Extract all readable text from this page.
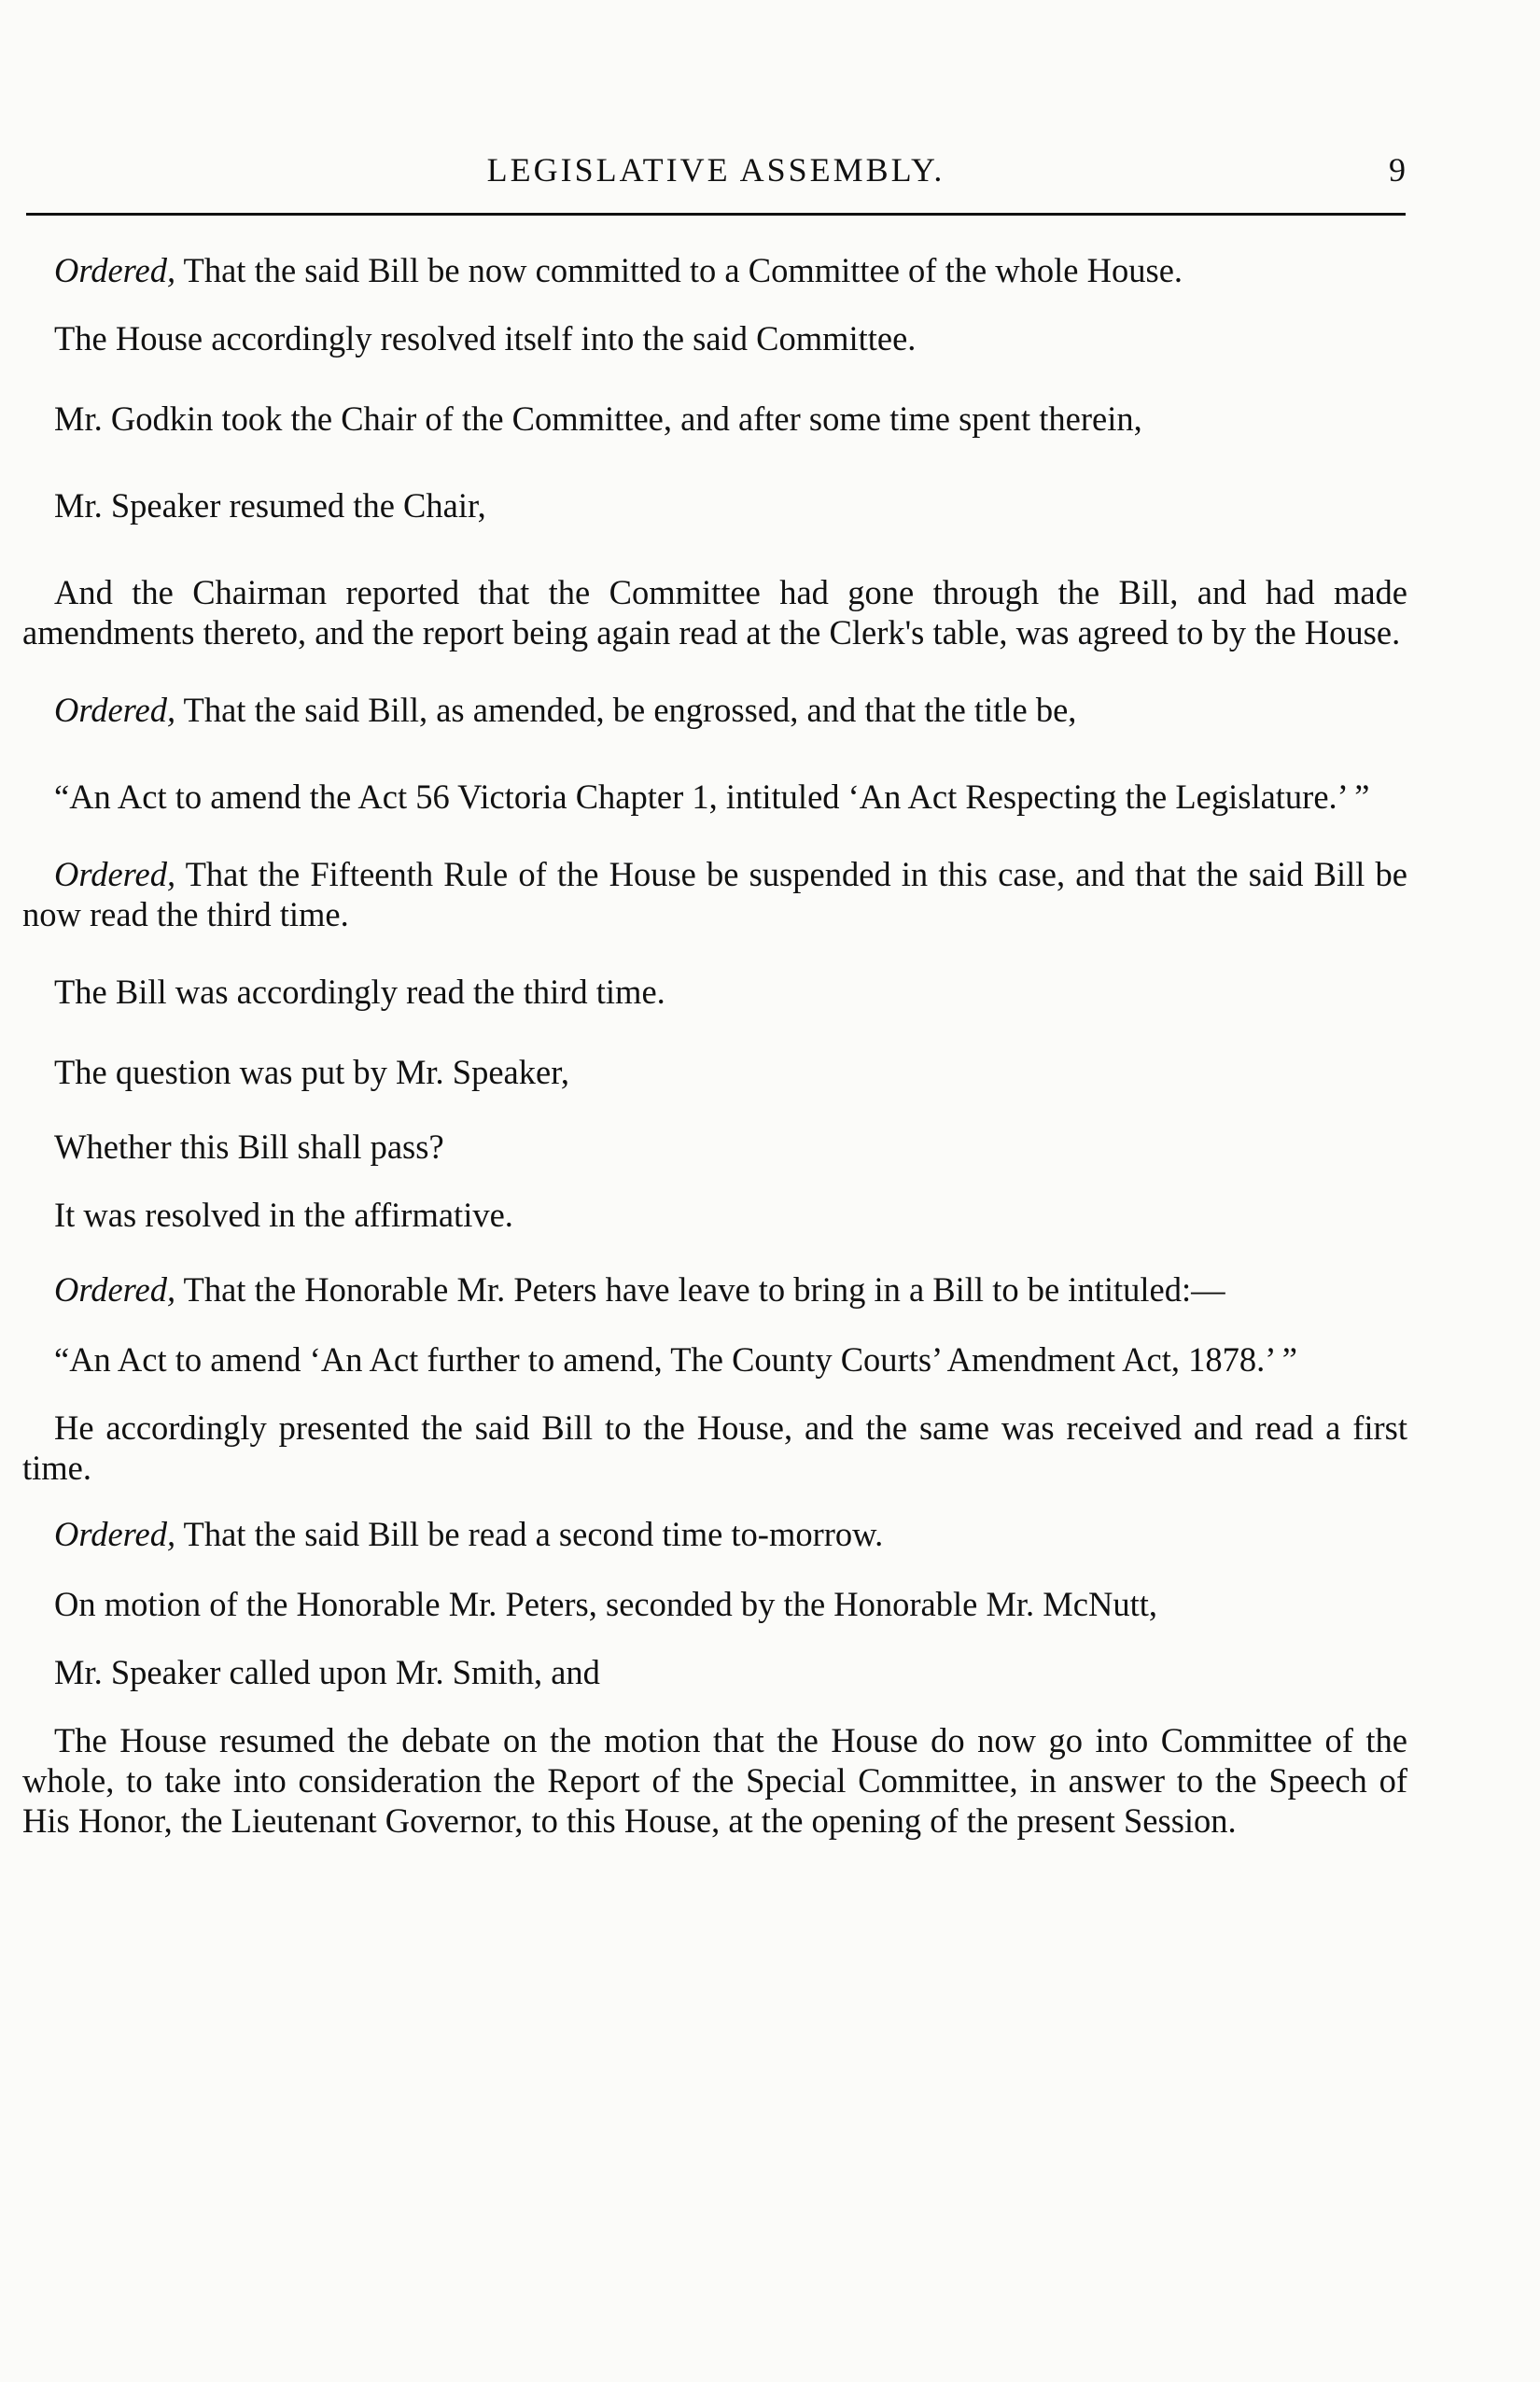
LEGISLATIVE ASSEMBLY.	9

Ordered, That the said Bill be now committed to a Committee of the whole House.

The House accordingly resolved itself into the said Committee.

Mr. Godkin took the Chair of the Committee, and after some time spent therein,

Mr. Speaker resumed the Chair,

And the Chairman reported that the Committee had gone through the Bill, and had made amendments thereto, and the report being again read at the Clerk's table, was agreed to by the House.

Ordered, That the said Bill, as amended, be engrossed, and that the title be,

“An Act to amend the Act 56 Victoria Chapter 1, intituled ‘An Act Respecting the Legislature.’ ”

Ordered, That the Fifteenth Rule of the House be suspended in this case, and that the said Bill be now read the third time.

The Bill was accordingly read the third time.

The question was put by Mr. Speaker,

Whether this Bill shall pass?

It was resolved in the affirmative.

Ordered, That the Honorable Mr. Peters have leave to bring in a Bill to be intituled:—

“An Act to amend ‘An Act further to amend, The County Courts’ Amendment Act, 1878.’ ”

He accordingly presented the said Bill to the House, and the same was received and read a first time.

Ordered, That the said Bill be read a second time to-morrow.

On motion of the Honorable Mr. Peters, seconded by the Honorable Mr. McNutt,

Mr. Speaker called upon Mr. Smith, and

The House resumed the debate on the motion that the House do now go into Committee of the whole, to take into consideration the Report of the Special Committee, in answer to the Speech of His Honor, the Lieutenant Governor, to this House, at the opening of the present Session.
